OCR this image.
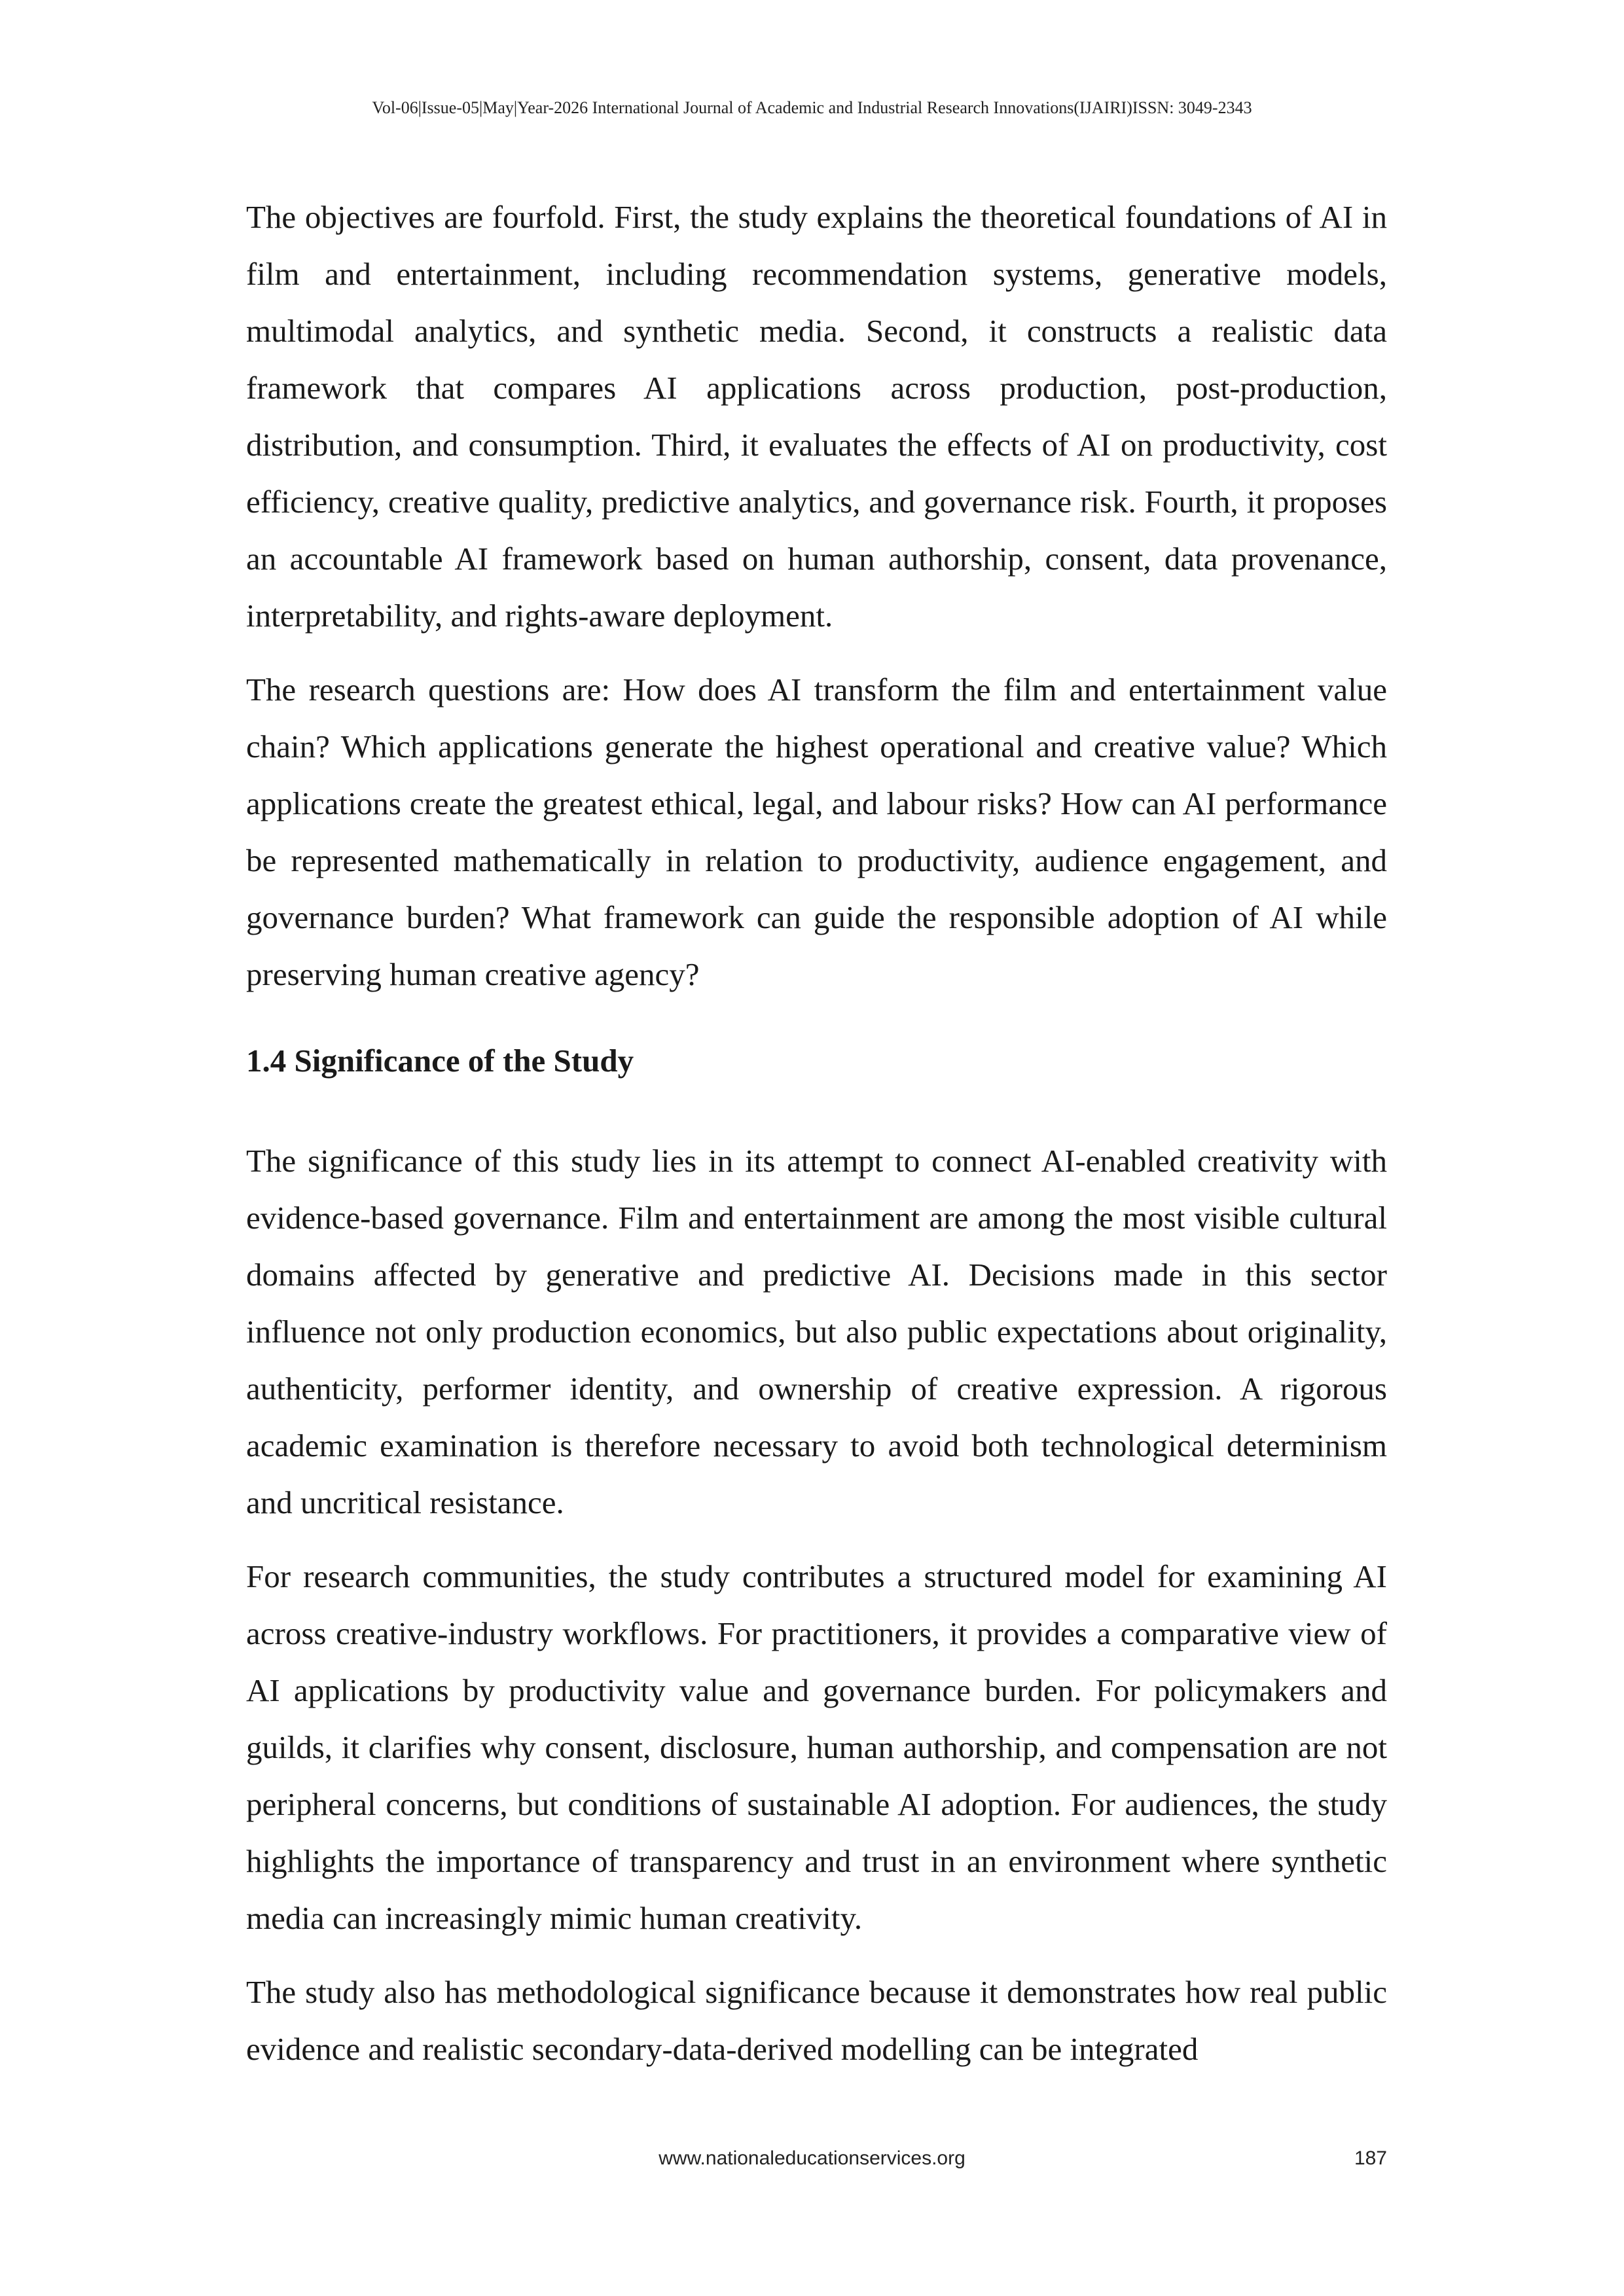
Vol-06|Issue-05|May|Year-2026 International Journal of Academic and Industrial Research Innovations(IJAIRI)ISSN: 3049-2343

The objectives are fourfold. First, the study explains the theoretical foundations of AI in film and entertainment, including recommendation systems, generative models, multimodal analytics, and synthetic media. Second, it constructs a realistic data framework that compares AI applications across production, post-production, distribution, and consumption. Third, it evaluates the effects of AI on productivity, cost efficiency, creative quality, predictive analytics, and governance risk. Fourth, it proposes an accountable AI framework based on human authorship, consent, data provenance, interpretability, and rights-aware deployment.

The research questions are: How does AI transform the film and entertainment value chain? Which applications generate the highest operational and creative value? Which applications create the greatest ethical, legal, and labour risks? How can AI performance be represented mathematically in relation to productivity, audience engagement, and governance burden? What framework can guide the responsible adoption of AI while preserving human creative agency?

1.4 Significance of the Study

The significance of this study lies in its attempt to connect AI-enabled creativity with evidence-based governance. Film and entertainment are among the most visible cultural domains affected by generative and predictive AI. Decisions made in this sector influence not only production economics, but also public expectations about originality, authenticity, performer identity, and ownership of creative expression. A rigorous academic examination is therefore necessary to avoid both technological determinism and uncritical resistance.

For research communities, the study contributes a structured model for examining AI across creative-industry workflows. For practitioners, it provides a comparative view of AI applications by productivity value and governance burden. For policymakers and guilds, it clarifies why consent, disclosure, human authorship, and compensation are not peripheral concerns, but conditions of sustainable AI adoption. For audiences, the study highlights the importance of transparency and trust in an environment where synthetic media can increasingly mimic human creativity.

The study also has methodological significance because it demonstrates how real public evidence and realistic secondary-data-derived modelling can be integrated

www.nationaleducationservices.org	187
